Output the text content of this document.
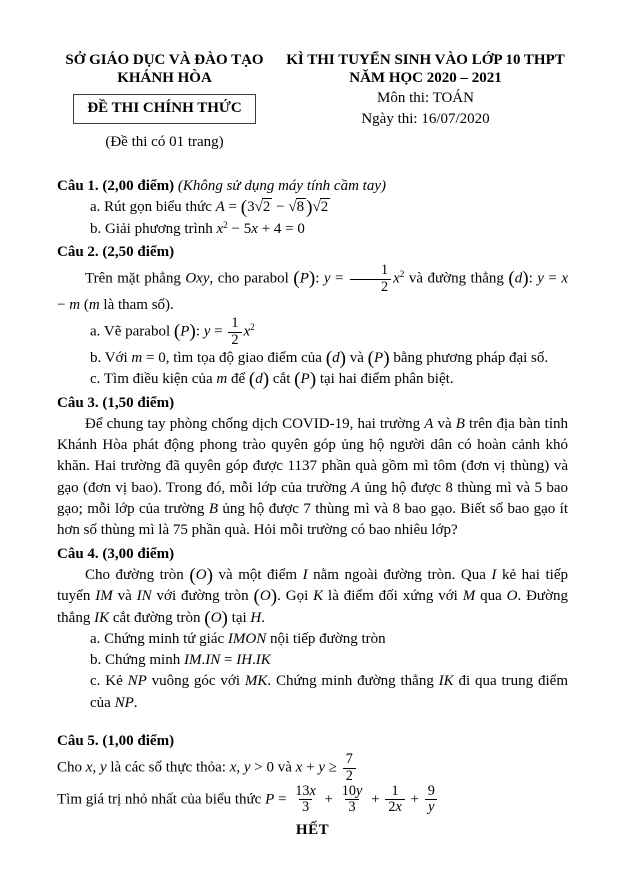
SỞ GIÁO DỤC VÀ ĐÀO TẠO
KHÁNH HÒA
ĐỀ THI CHÍNH THỨC
(Đề thi có 01 trang)
KÌ THI TUYỂN SINH VÀO LỚP 10 THPT
NĂM HỌC 2020 – 2021
Môn thi: TOÁN
Ngày thi: 16/07/2020
Câu 1. (2,00 điểm) (Không sử dụng máy tính cầm tay)
a. Rút gọn biểu thức A = (3√2 − √8 )√2
b. Giải phương trình $x^2 - 5x + 4 = 0$
Câu 2. (2,50 điểm)
Trên mặt phẳng Oxy, cho parabol (P): $y = \frac{1}{2} x^2$ và đường thẳng (d): y = x − m (m là tham số).
a. Vẽ parabol (P): $y = \frac{1}{2} x^2$
b. Với m = 0, tìm tọa độ giao điểm của (d) và (P) bằng phương pháp đại số.
c. Tìm điều kiện của m để (d) cắt (P) tại hai điểm phân biệt.
Câu 3. (1,50 điểm)
Để chung tay phòng chống dịch COVID-19, hai trường A và B trên địa bàn tỉnh Khánh Hòa phát động phong trào quyên góp ủng hộ người dân có hoàn cảnh khó khăn. Hai trường đã quyên góp được 1137 phần quà gồm mì tôm (đơn vị thùng) và gạo (đơn vị bao). Trong đó, mỗi lớp của trường A ủng hộ được 8 thùng mì và 5 bao gạo; mỗi lớp của trường B ủng hộ được 7 thùng mì và 8 bao gạo. Biết số bao gạo ít hơn số thùng mì là 75 phần quà. Hỏi mỗi trường có bao nhiêu lớp?
Câu 4. (3,00 điểm)
Cho đường tròn (O) và một điểm I nằm ngoài đường tròn. Qua I kẻ hai tiếp tuyến IM và IN với đường tròn (O). Gọi K là điểm đối xứng với M qua O. Đường thẳng IK cắt đường tròn (O) tại H.
a. Chứng minh tứ giác IMON nội tiếp đường tròn
b. Chứng minh IM.IN = IH.IK
c. Kẻ NP vuông góc với MK. Chứng minh đường thẳng IK đi qua trung điểm của NP.
Câu 5. (1,00 điểm)
Cho x, y là các số thực thỏa: x, y > 0 và $x + y \ge \frac{7}{2}$
Tìm giá trị nhỏ nhất của biểu thức $P = \frac{13x}{3} + \frac{10y}{3} + \frac{1}{2x} + \frac{9}{y}$
HẾT
